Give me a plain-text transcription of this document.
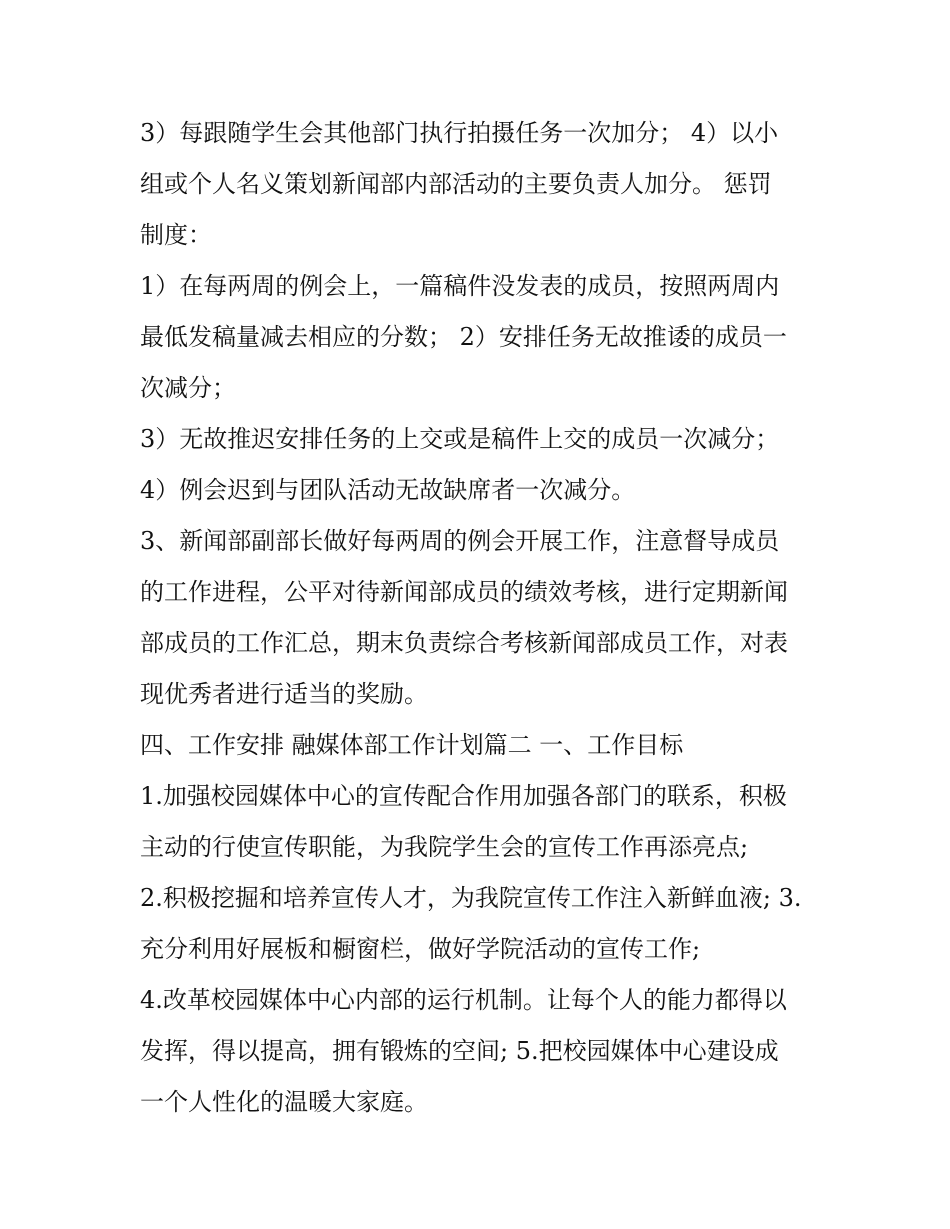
3）每跟随学生会其他部门执行拍摄任务一次加分； 4）以小
组或个人名义策划新闻部内部活动的主要负责人加分。 惩罚
制度：
1）在每两周的例会上，一篇稿件没发表的成员，按照两周内
最低发稿量减去相应的分数； 2）安排任务无故推诿的成员一
次减分；
3）无故推迟安排任务的上交或是稿件上交的成员一次减分；
4）例会迟到与团队活动无故缺席者一次减分。
3、新闻部副部长做好每两周的例会开展工作，注意督导成员
的工作进程，公平对待新闻部成员的绩效考核，进行定期新闻
部成员的工作汇总，期末负责综合考核新闻部成员工作，对表
现优秀者进行适当的奖励。
四、工作安排 融媒体部工作计划篇二 一、工作目标
1.加强校园媒体中心的宣传配合作用加强各部门的联系，积极
主动的行使宣传职能，为我院学生会的宣传工作再添亮点;
2.积极挖掘和培养宣传人才，为我院宣传工作注入新鲜血液; 3.
充分利用好展板和橱窗栏，做好学院活动的宣传工作;
4.改革校园媒体中心内部的运行机制。让每个人的能力都得以
发挥，得以提高，拥有锻炼的空间; 5.把校园媒体中心建设成
一个人性化的温暖大家庭。
